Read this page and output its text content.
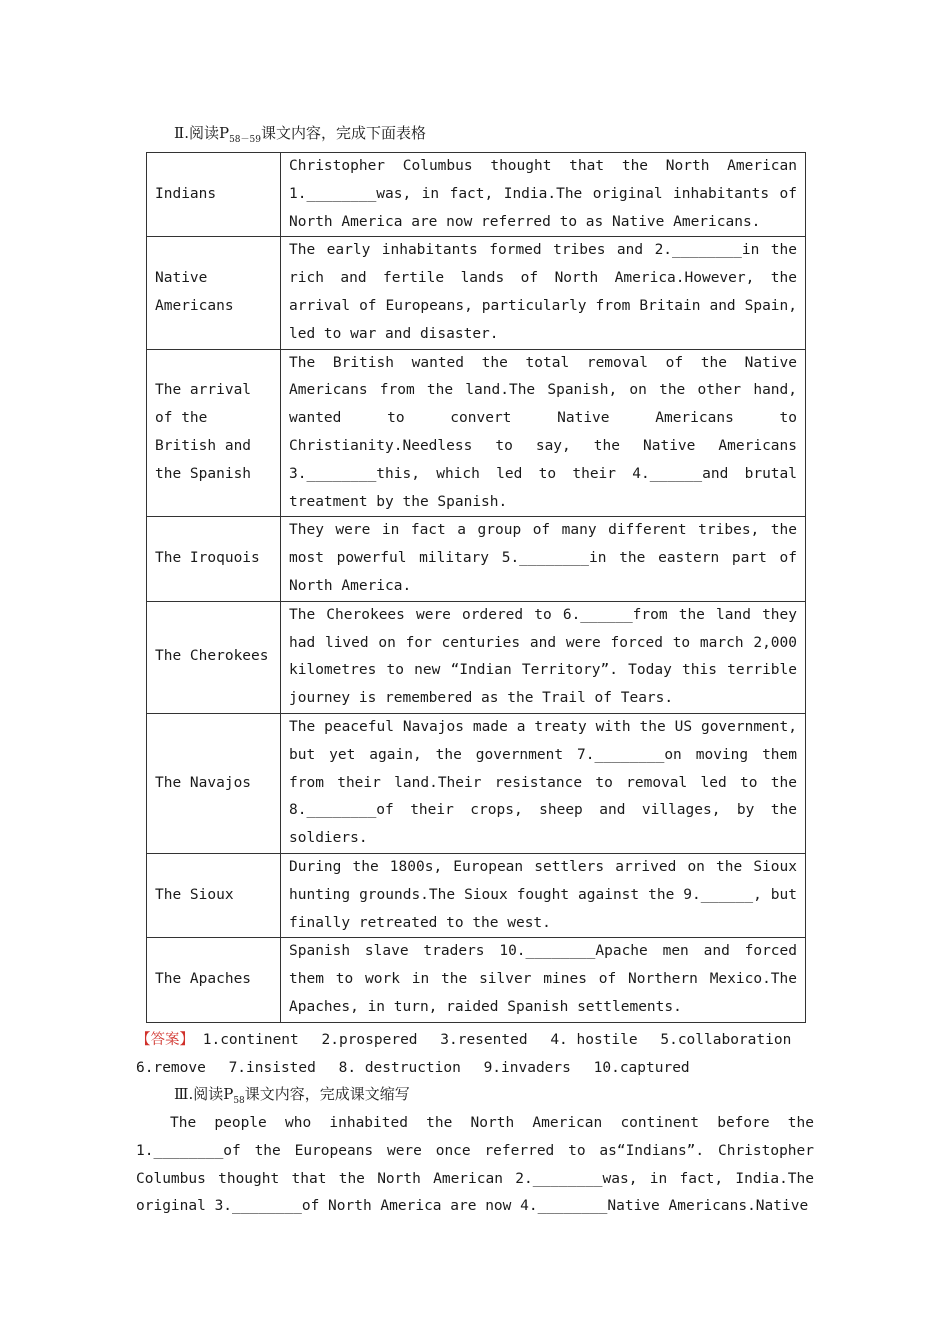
Ⅱ.阅读$P_{58-59}$课文内容，完成下面表格
Indians	Christopher Columbus thought that the North American 1.________was, in fact, India.The original inhabitants of North America are now referred to as Native Americans.
Native Americans	The early inhabitants formed tribes and 2.________in the rich and fertile lands of North America.However, the arrival of Europeans, particularly from Britain and Spain, led to war and disaster.
The arrival of the British and the Spanish	The British wanted the total removal of the Native Americans from the land.The Spanish, on the other hand, wanted to convert Native Americans to Christianity.Needless to say, the Native Americans 3.________this, which led to their 4.______and brutal treatment by the Spanish.
The Iroquois	They were in fact a group of many different tribes, the most powerful military 5.________in the eastern part of North America.
The Cherokees	The Cherokees were ordered to 6.______from the land they had lived on for centuries and were forced to march 2,000 kilometres to new “Indian Territory”. Today this terrible journey is remembered as the Trail of Tears.
The Navajos	The peaceful Navajos made a treaty with the US government, but yet again, the government 7.________on moving them from their land.Their resistance to removal led to the 8.________of their crops, sheep and villages, by the soldiers.
The Sioux	During the 1800s, European settlers arrived on the Sioux hunting grounds.The Sioux fought against the 9.______, but finally retreated to the west.
The Apaches	Spanish slave traders 10.________Apache men and forced them to work in the silver mines of Northern Mexico.The Apaches, in turn, raided Spanish settlements.
【答案】 1.continent 2.prospered 3.resented 4. hostile 5.collaboration 6.remove 7.insisted 8. destruction 9.invaders 10.captured
Ⅲ.阅读$P_{58}$课文内容，完成课文缩写
The people who inhabited the North American continent before the 1.________of the Europeans were once referred to as“Indians”. Christopher Columbus thought that the North American 2.________was, in fact, India.The original 3.________of North America are now 4.________Native Americans.Native
